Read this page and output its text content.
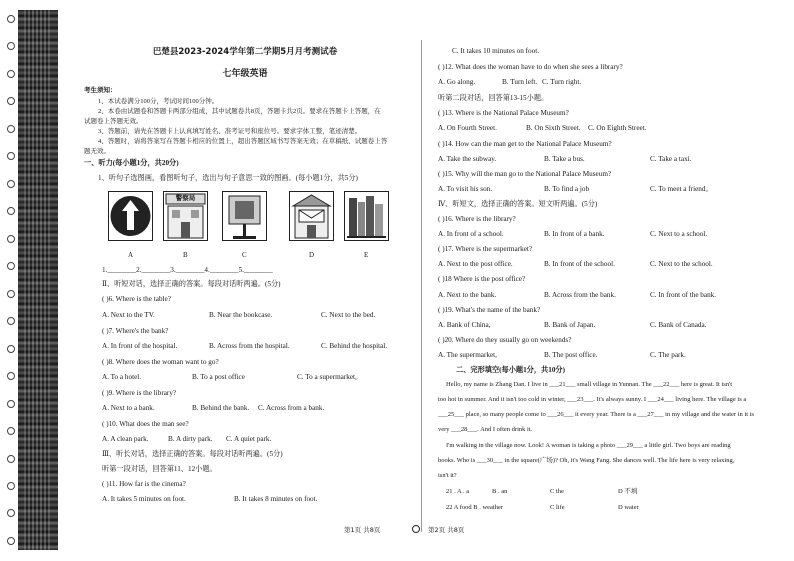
巴楚县2023-2024学年第二学期5月月考测试卷
七年级英语
考生须知：
1、本试卷满分100分，考试时间100分钟。
2、本卷由试题卷和答题卡两部分组成，其中试题卷共8页，答题卡共2页。要求在答题卡上答题，在
试题卷上答题无效。
3、答题前，请先在答题卡上认真填写姓名、准考证号和座位号。要求字体工整，笔迹清楚。
4、答题时，请将答案写在答题卡相应的位置上，超出答题区域书写答案无效；在草稿纸、试题卷上答
题无效。
一、听力(每小题1分，共20分)
1、听句子选图画，看图听句子，选出与句子意思一致的图画。(每小题1分，共5分)
警察局
A	B	C	D	E
1.________2.________3.________4.________5.________
Ⅱ、听短对话，选择正确的答案。每段对话听两遍。(5分)
( )6. Where is the table?
A. Next to the TV.	B. Near the bookcase.	C. Next to the bed.
( )7. Where's the bank?
A. In front of the hospital.	B. Across from the hospital.	C. Behind the hospital.
( )8. Where does the woman want to go?
A. To a hotel.	B. To a post office	C. To a supermarket。
( )9. Where is the library?
A. Next to a bank.	B. Behind the bank. C. Across from a bank.
( )10. What does the man see?
A. A clean park.	B. A dirty park. C. A quiet park.
Ⅲ、听长对话，选择正确的答案。每段对话听两遍。(5分)
听第一段对话，回答第11、12小题。
( )11. How far is the cinema?
A. It takes 5 minutes on foot.	B. It takes 8 minutes on foot.
第1页 共8页
C. It takes 10 minutes on foot.
( )12. What does the woman have to do when she sees a library?
A. Go along.	B. Turn left. C. Turn right.
听第二段对话，回答第13-15小题。
( )13. Where is the National Palace Museum?
A. On Fourth Street.	B. On Sixth Street. C. On Eighth Street.
( )14. How can the man get to the National Palace Museum?
A. Take the subway.	B. Take a bus.	C. Take a taxi.
( )15. Why will the man go to the National Palace Museum?
A. To visit his son.	B. To find a job	C. To meet a friend。
Ⅳ、听短文，选择正确的答案。短文听两遍。(5分)
( )16. Where is the library?
A. In front of a school.	B. In front of a bank.	C. Next to a school.
( )17. Where is the supermarket?
A. Next to the post office.	B. In front of the school.	C. Next to the school.
( )18 Where is the post office?
A. Next to the bank.	B. Across from the bank.	C. In front of the bank.
( )19. What's the name of the bank?
A. Bank of China,	B. Bank of Japan.	C. Bank of Canada.
( )20. Where do they usually go on weekends?
A. The supermarket,	B. The post office.	C. The park.
二、完形填空(每小题1分，共10分)
Hello, my name is Zhang Dan. I live in ___21___ small village in Yunnan. The ___22___ here is great. It isn't
too hot in summer. And it isn't too cold in winter, ___23___. It's always sunny. I ___24___ living here. The village is a
___25___ place, so many people come to ___26___ it every year. There is a ___27___ in my village and the water in it is
very ___28___. And I often drink it.
I'm walking in the village now. Look! A woman is taking a photo ___29___ a little girl. Two boys are reading
books. Who is ___30___ in the square(广场)? Oh, it's Wang Fang. She dances well. The life here is very relaxing,
isn't it?
21 . A . a	B . an	C the	D 不填
22 A food B . weather	C life	D water
第2页 共8页
